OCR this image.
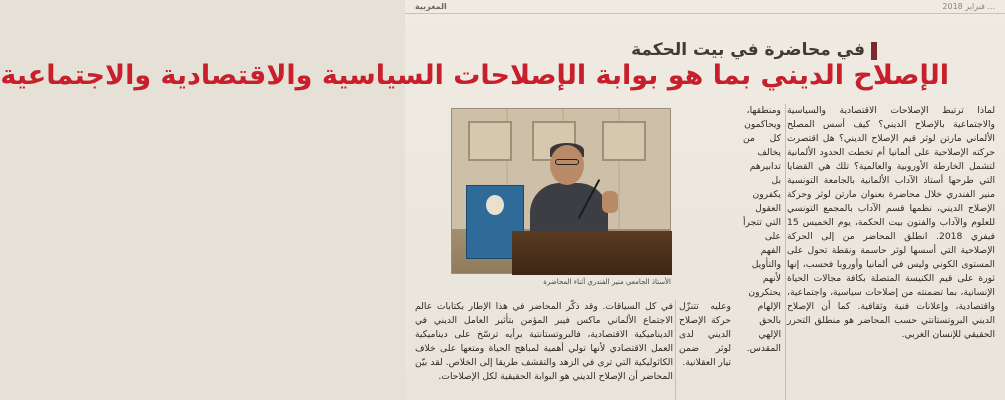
... فبراير 2018
المغربية
في محاضرة في بيت الحكمة
الإصلاح الديني بما هو بوابة الإصلاحات السياسية والاقتصادية والاجتماعية
الأستاذ الجامعي منير الفندري أثناء المحاضرة

لماذا ترتبط الإصلاحات الاقتصادية والسياسية والاجتماعية بالإصلاح الديني؟ كيف أسس المصلح الألماني مارتن لوثر قيم الإصلاح الديني؟ هل اقتصرت حركته الإصلاحية على ألمانيا أم تخطت الحدود الألمانية لتشمل الخارطة الأوروبية والعالمية؟ تلك هي القضايا التي طرحها أستاذ الآداب الألمانية بالجامعة التونسية منير الفندري خلال محاضرة بعنوان مارتن لوثر وحركة الإصلاح الديني، نظمها قسم الآداب بالمجمع التونسي للعلوم والآداب والفنون بيت الحكمة، يوم الخميس 15 فيفري 2018. انطلق المحاضر من إلى الحركة الإصلاحية التي أسسها لوثر حاسمة ونقطة تحول على المستوى الكوني وليس في ألمانيا وأوروبا فحسب، إنها ثورة على قيم الكنيسة المتصلة بكافة مجالات الحياة الإنسانية، بما تضمنته من إصلاحات سياسية، واجتماعية، واقتصادية، وإعلانات فنية وثقافية. كما أن الإصلاح الديني البروتستانتي حسب المحاضر هو منطلق التحرر الحقيقي للإنسان الغربي.

ومنطقها، ويحاكمون كل من يخالف تدابيرهم بل يكفرون العقول التي تتجرأ على الفهم والتأويل لأنهم يحتكرون الإلهام بالحق الإلهي المقدس.

وعليه تتنزّل حركة الإصلاح الديني لدى لوثر ضمن تيار العقلانية.

في كل السياقات. وقد ذكّر المحاضر في هذا الإطار بكتابات عالم الاجتماع الألماني ماكس فيبر المؤمن بتأثير العامل الديني في الديناميكية الاقتصادية، فالبروتستانتية برأيه ترسّخ على ديناميكية العمل الاقتصادي لأنها تولي أهمية لمباهج الحياة ومتعها على خلاف الكاثوليكية التي ترى في الزهد والتقشف طريقا إلى الخلاص. لقد بيّن المحاضر أن الإصلاح الديني هو البوابة الحقيقية لكل الإصلاحات.
